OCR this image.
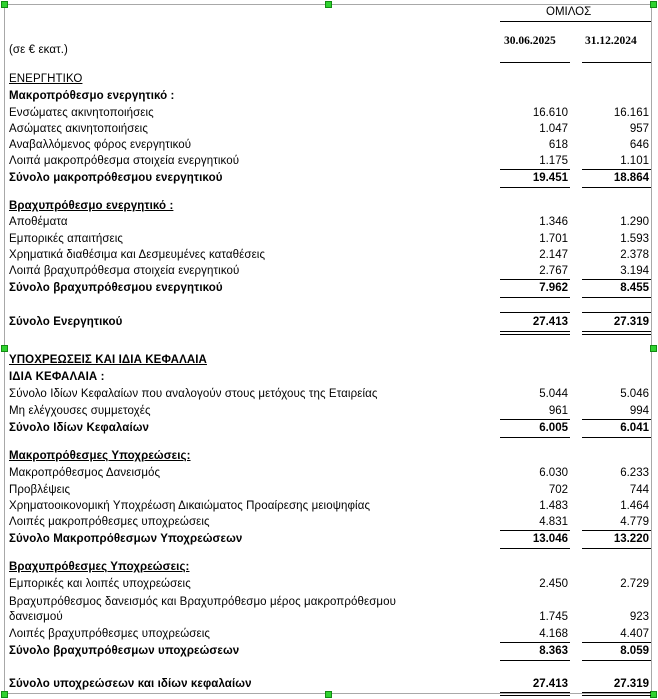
ΟΜΙΛΟΣ
(σε € εκατ.)
30.06.2025	31.12.2024
ΕΝΕΡΓΗΤΙΚΟ
Μακροπρόθεσμο ενεργητικό :
Ενσώματες ακινητοποιήσεις	16.610	16.161
Ασώματες ακινητοποιήσεις	1.047	957
Αναβαλλόμενος φόρος ενεργητικού	618	646
Λοιπά μακροπρόθεσμα στοιχεία ενεργητικού	1.175	1.101
Σύνολο μακροπρόθεσμου ενεργητικού	19.451	18.864
Βραχυπρόθεσμο ενεργητικό :
Αποθέματα	1.346	1.290
Εμπορικές απαιτήσεις	1.701	1.593
Χρηματικά διαθέσιμα και Δεσμευμένες καταθέσεις	2.147	2.378
Λοιπά βραχυπρόθεσμα στοιχεία ενεργητικού	2.767	3.194
Σύνολο βραχυπρόθεσμου ενεργητικού	7.962	8.455
Σύνολο Ενεργητικού	27.413	27.319
ΥΠΟΧΡΕΩΣΕΙΣ ΚΑΙ ΙΔΙΑ ΚΕΦΑΛΑΙΑ
ΙΔΙΑ ΚΕΦΑΛΑΙΑ :
Σύνολο Ιδίων Κεφαλαίων που αναλογούν στους μετόχους της Εταιρείας	5.044	5.046
Μη ελέγχουσες συμμετοχές	961	994
Σύνολο Ιδίων Κεφαλαίων	6.005	6.041
Μακροπρόθεσμες Υποχρεώσεις:
Μακροπρόθεσμος Δανεισμός	6.030	6.233
Προβλέψεις	702	744
Χρηματοοικονομική Υποχρέωση Δικαιώματος Προαίρεσης μειοψηφίας	1.483	1.464
Λοιπές μακροπρόθεσμες υποχρεώσεις	4.831	4.779
Σύνολο Μακροπρόθεσμων Υποχρεώσεων	13.046	13.220
Βραχυπρόθεσμες Υποχρεώσεις:
Εμπορικές και λοιπές υποχρεώσεις	2.450	2.729
Βραχυπρόθεσμος δανεισμός και Βραχυπρόθεσμο μέρος μακροπρόθεσμου
δανεισμού	1.745	923
Λοιπές βραχυπρόθεσμες υποχρεώσεις	4.168	4.407
Σύνολο βραχυπρόθεσμων υποχρεώσεων	8.363	8.059
Σύνολο υποχρεώσεων και ιδίων κεφαλαίων	27.413	27.319
